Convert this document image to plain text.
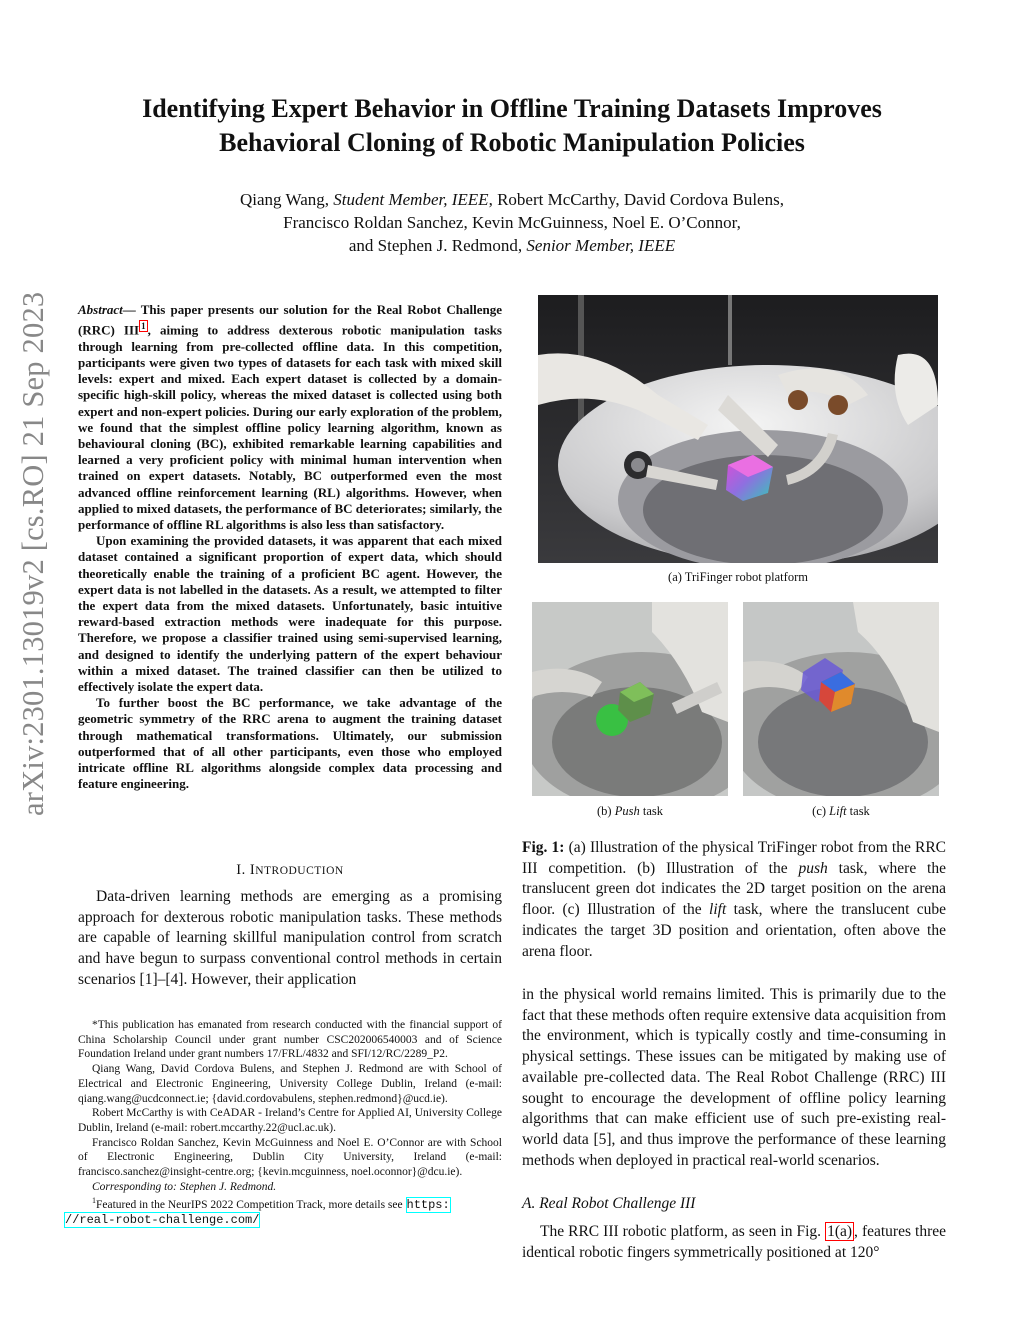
arXiv:2301.13019v2 [cs.RO] 21 Sep 2023
Identifying Expert Behavior in Offline Training Datasets Improves
Behavioral Cloning of Robotic Manipulation Policies
Qiang Wang, Student Member, IEEE, Robert McCarthy, David Cordova Bulens,
Francisco Roldan Sanchez, Kevin McGuinness, Noel E. O’Connor,
and Stephen J. Redmond, Senior Member, IEEE

Abstract— This paper presents our solution for the Real Robot Challenge (RRC) III $^1$ , aiming to address dexterous robotic manipulation tasks through learning from pre-collected offline data. In this competition, participants were given two types of datasets for each task with mixed skill levels: expert and mixed. Each expert dataset is collected by a domain-specific high-skill policy, whereas the mixed dataset is collected using both expert and non-expert policies. During our early exploration of the problem, we found that the simplest offline policy learning algorithm, known as behavioural cloning (BC), exhibited remarkable learning capabilities and learned a very proficient policy with minimal human intervention when trained on expert datasets. Notably, BC outperformed even the most advanced offline reinforcement learning (RL) algorithms. However, when applied to mixed datasets, the performance of BC deteriorates; similarly, the performance of offline RL algorithms is also less than satisfactory.

Upon examining the provided datasets, it was apparent that each mixed dataset contained a significant proportion of expert data, which should theoretically enable the training of a proficient BC agent. However, the expert data is not labelled in the datasets. As a result, we attempted to filter the expert data from the mixed datasets. Unfortunately, basic intuitive reward-based extraction methods were inadequate for this purpose. Therefore, we propose a classifier trained using semi-supervised learning, and designed to identify the underlying pattern of the expert behaviour within a mixed dataset. The trained classifier can then be utilized to effectively isolate the expert data.

To further boost the BC performance, we take advantage of the geometric symmetry of the RRC arena to augment the training dataset through mathematical transformations. Ultimately, our submission outperformed that of all other participants, even those who employed intricate offline RL algorithms alongside complex data processing and feature engineering.

I. INTRODUCTION
Data-driven learning methods are emerging as a promising approach for dexterous robotic manipulation tasks. These methods are capable of learning skillful manipulation control from scratch and have begun to surpass conventional control methods in certain scenarios [1]–[4]. However, their application

*This publication has emanated from research conducted with the financial support of China Scholarship Council under grant number CSC202006540003 and of Science Foundation Ireland under grant numbers 17/FRL/4832 and SFI/12/RC/2289_P2.

Qiang Wang, David Cordova Bulens, and Stephen J. Redmond are with School of Electrical and Electronic Engineering, University College Dublin, Ireland (e-mail: qiang.wang@ucdconnect.ie; {david.cordovabulens, stephen.redmond}@ucd.ie).

Robert McCarthy is with CeADAR - Ireland’s Centre for Applied AI, University College Dublin, Ireland (e-mail: robert.mccarthy.22@ucl.ac.uk).

Francisco Roldan Sanchez, Kevin McGuinness and Noel E. O’Connor are with School of Electronic Engineering, Dublin City University, Ireland (e-mail: francisco.sanchez@insight-centre.org; {kevin.mcguinness, noel.oconnor}@dcu.ie).

Corresponding to: Stephen J. Redmond.

$^1$Featured in the NeurIPS 2022 Competition Track, more details see https:
//real-robot-challenge.com/

(a) TriFinger robot platform
(b) Push task	(c) Lift task
Fig. 1: (a) Illustration of the physical TriFinger robot from the RRC III competition. (b) Illustration of the push task, where the translucent green dot indicates the 2D target position on the arena floor. (c) Illustration of the lift task, where the translucent cube indicates the target 3D position and orientation, often above the arena floor.
in the physical world remains limited. This is primarily due to the fact that these methods often require extensive data acquisition from the environment, which is typically costly and time-consuming in physical settings. These issues can be mitigated by making use of available pre-collected data. The Real Robot Challenge (RRC) III sought to encourage the development of offline policy learning algorithms that can make efficient use of such pre-existing real-world data [5], and thus improve the performance of these learning methods when deployed in practical real-world scenarios.
A. Real Robot Challenge III
The RRC III robotic platform, as seen in Fig. 1(a) , features three identical robotic fingers symmetrically positioned at 120°
